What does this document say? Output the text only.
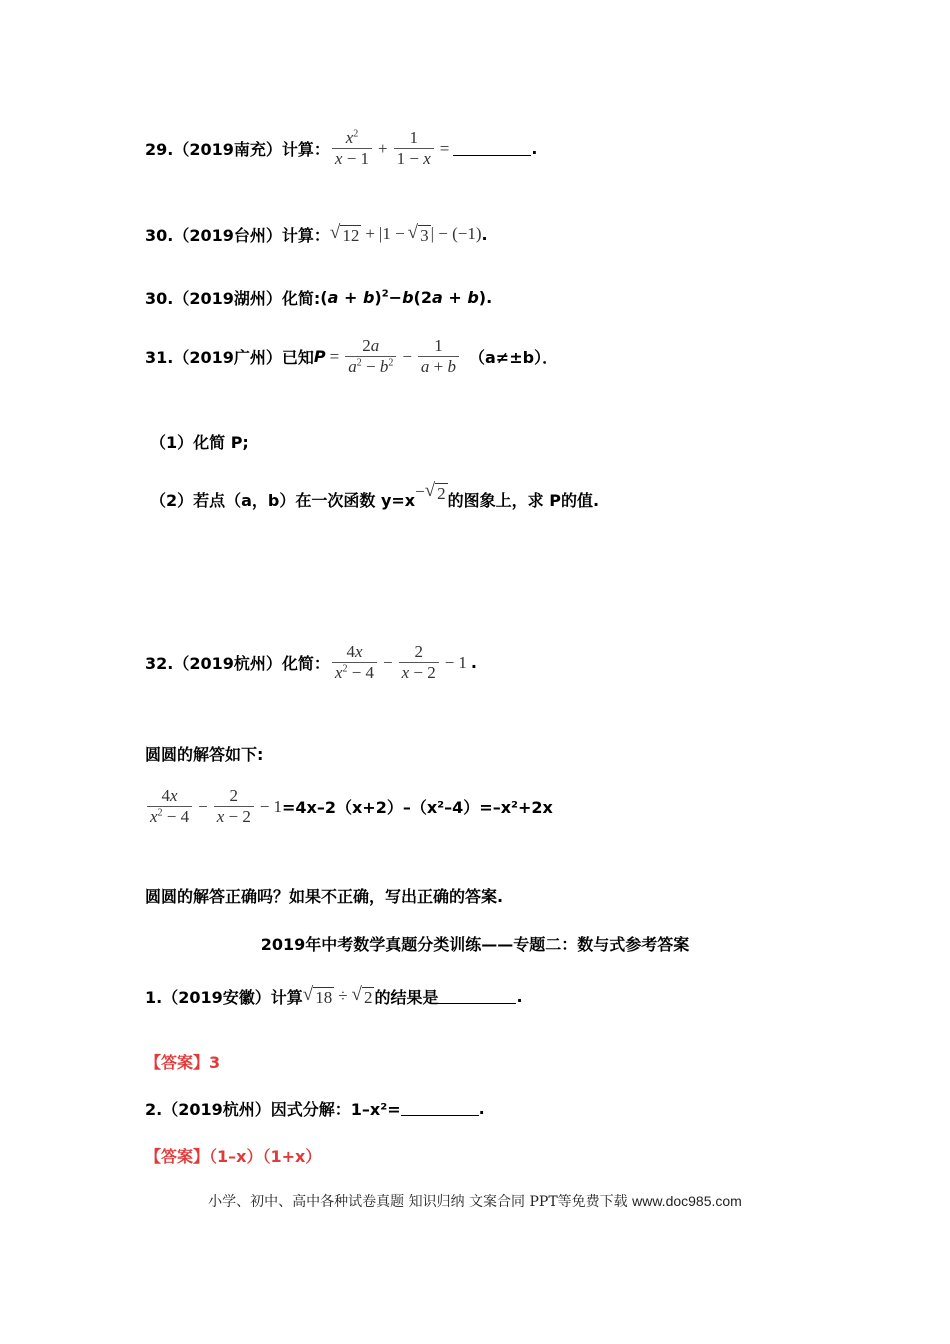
29.（2019南充）计算： $\frac{x^2}{x - 1} + \frac{1}{1 - x}$ =	.
30.（2019台州）计算： √ 12 + |1 − √ 3 | − (−1) .
30.（2019湖州）化简: $(a + b)^2-b(2a + b)$.
31.（2019广州）已知 $P = \frac{2a}{a^2 - b^2} - \frac{1}{a + b} (a\ne\pm b)$．
（1）化简 P;
（2）若点（a，b）在一次函数 y=x − √ 2 的图象上，求 P的值.
32.（2019杭州）化简： $\frac{4x}{x^2 - 4} - \frac{2}{x - 2} - 1$ .
圆圆的解答如下:
$\frac{4x}{x^2 - 4} - \frac{2}{x - 2} - 1 =4x-2(x+2)-(x^2-4)=-x^2+2x$
圆圆的解答正确吗？如果不正确，写出正确的答案.
2019年中考数学真题分类训练——专题二：数与式参考答案
1.（2019安徽）计算 √ 18 ÷ √ 2 的结果是	.
【答案】3
2.（2019杭州）因式分解：1–x²=	.
【答案】（1–x）（1+x）
小学、初中、高中各种试卷真题 知识归纳 文案合同 PPT等免费下载 www.doc985.com
